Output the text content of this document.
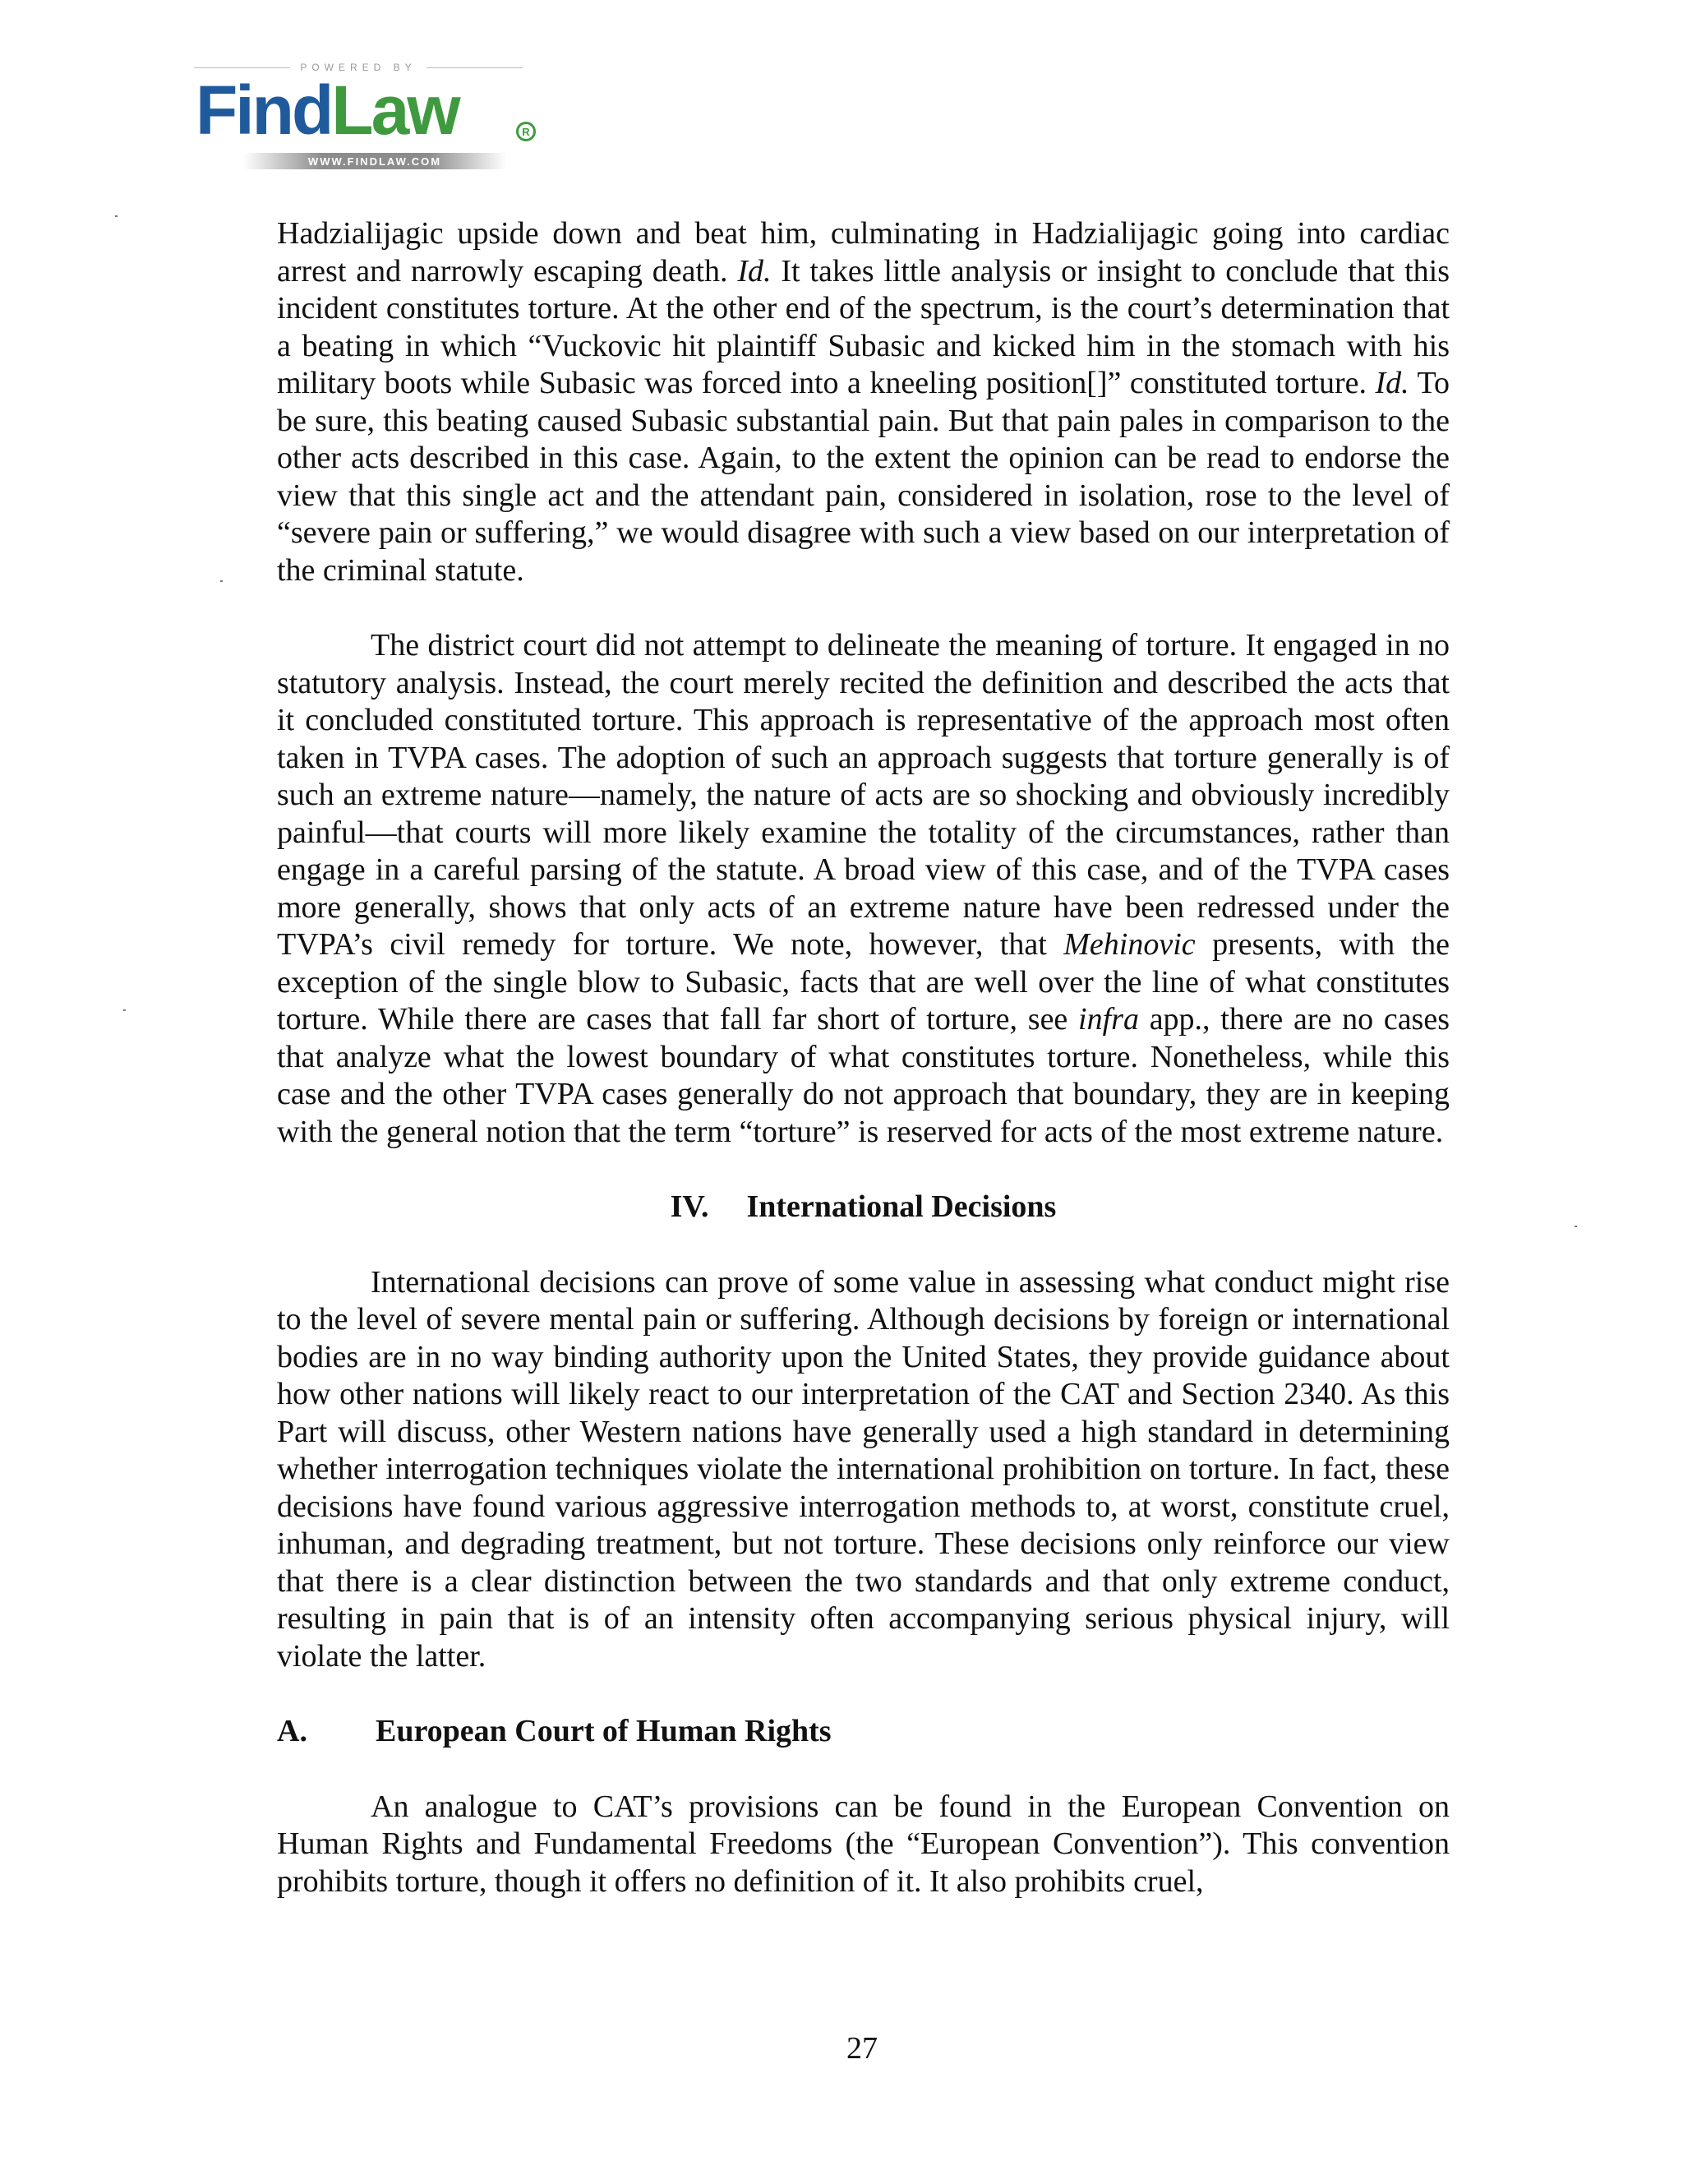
POWERED BY
FindLaw	R
WWW.FINDLAW.COM

Hadzialijagic upside down and beat him, culminating in Hadzialijagic going into cardiac arrest and narrowly escaping death. Id. It takes little analysis or insight to conclude that this incident constitutes torture. At the other end of the spectrum, is the court’s determination that a beating in which “Vuckovic hit plaintiff Subasic and kicked him in the stomach with his military boots while Subasic was forced into a kneeling position[]” constituted torture. Id. To be sure, this beating caused Subasic substantial pain. But that pain pales in comparison to the other acts described in this case. Again, to the extent the opinion can be read to endorse the view that this single act and the attendant pain, considered in isolation, rose to the level of “severe pain or suffering,” we would disagree with such a view based on our interpretation of the criminal statute.

The district court did not attempt to delineate the meaning of torture. It engaged in no statutory analysis. Instead, the court merely recited the definition and described the acts that it concluded constituted torture. This approach is representative of the approach most often taken in TVPA cases. The adoption of such an approach suggests that torture generally is of such an extreme nature—namely, the nature of acts are so shocking and obviously incredibly painful—that courts will more likely examine the totality of the circumstances, rather than engage in a careful parsing of the statute. A broad view of this case, and of the TVPA cases more generally, shows that only acts of an extreme nature have been redressed under the TVPA’s civil remedy for torture. We note, however, that Mehinovic presents, with the exception of the single blow to Subasic, facts that are well over the line of what constitutes torture. While there are cases that fall far short of torture, see infra app., there are no cases that analyze what the lowest boundary of what constitutes torture. Nonetheless, while this case and the other TVPA cases generally do not approach that boundary, they are in keeping with the general notion that the term “torture” is reserved for acts of the most extreme nature.

IV. International Decisions

International decisions can prove of some value in assessing what conduct might rise to the level of severe mental pain or suffering. Although decisions by foreign or international bodies are in no way binding authority upon the United States, they provide guidance about how other nations will likely react to our interpretation of the CAT and Section 2340. As this Part will discuss, other Western nations have generally used a high standard in determining whether interrogation techniques violate the international prohibition on torture. In fact, these decisions have found various aggressive interrogation methods to, at worst, constitute cruel, inhuman, and degrading treatment, but not torture. These decisions only reinforce our view that there is a clear distinction between the two standards and that only extreme conduct, resulting in pain that is of an intensity often accompanying serious physical injury, will violate the latter.

A. European Court of Human Rights

An analogue to CAT’s provisions can be found in the European Convention on Human Rights and Fundamental Freedoms (the “European Convention”). This convention prohibits torture, though it offers no definition of it. It also prohibits cruel,

27
